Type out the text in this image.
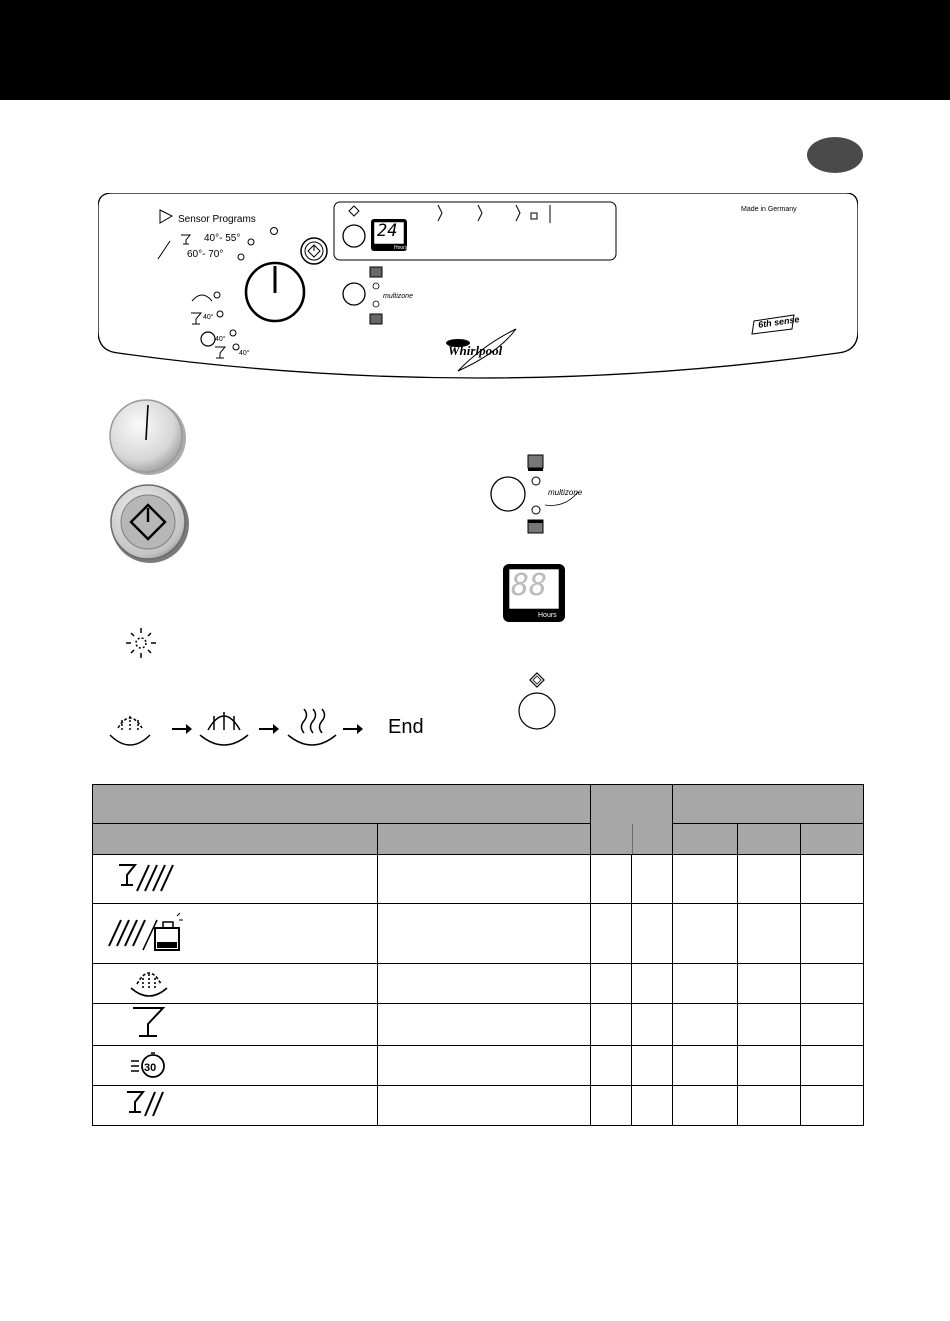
Sensor Programs
40°- 55°
60°- 70°
40°
40°
40°
24
Hours
multizone
Made in Germany
Whirlpool
6th sense
multizone
88
Hours
End

30						
